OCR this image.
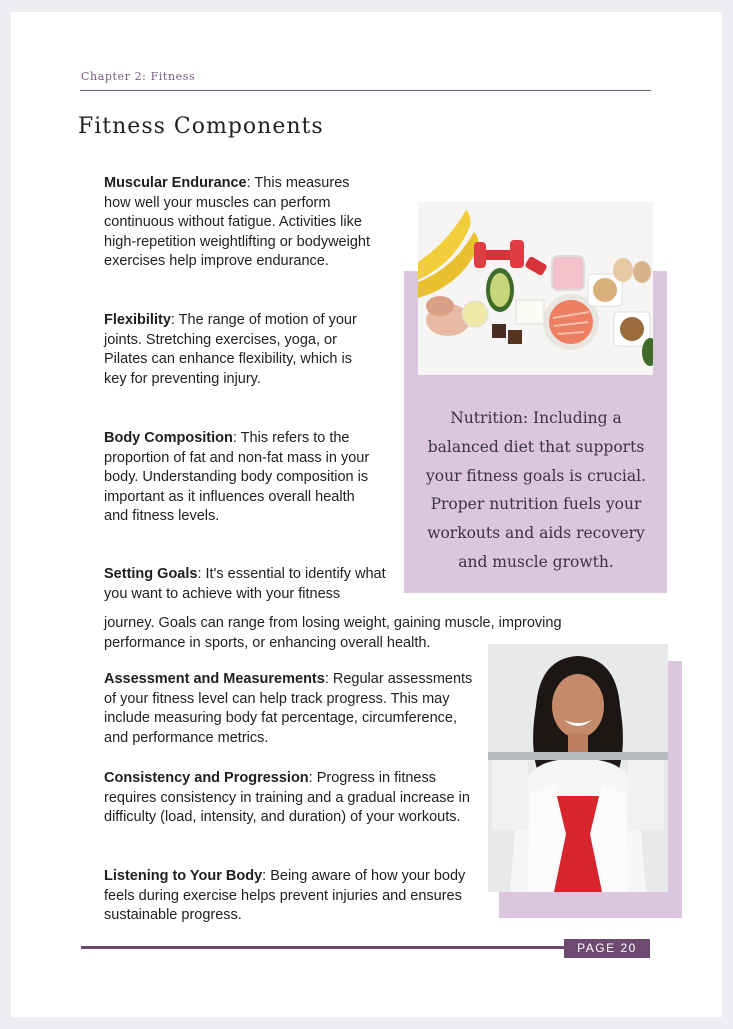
Chapter 2: Fitness
Fitness Components
Muscular Endurance: This measures how well your muscles can perform continuous without fatigue. Activities like high-repetition weightlifting or bodyweight exercises help improve endurance.
Flexibility: The range of motion of your joints. Stretching exercises, yoga, or Pilates can enhance flexibility, which is key for preventing injury.
Body Composition: This refers to the proportion of fat and non-fat mass in your body. Understanding body composition is important as it influences overall health and fitness levels.
Setting Goals: It's essential to identify what you want to achieve with your fitness
journey. Goals can range from losing weight, gaining muscle, improving performance in sports, or enhancing overall health.
Assessment and Measurements: Regular assessments of your fitness level can help track progress. This may include measuring body fat percentage, circumference, and performance metrics.
Consistency and Progression: Progress in fitness requires consistency in training and a gradual increase in difficulty (load, intensity, and duration) of your workouts.
Listening to Your Body: Being aware of how your body feels during exercise helps prevent injuries and ensures sustainable progress.
Nutrition: Including a balanced diet that supports your fitness goals is crucial. Proper nutrition fuels your workouts and aids recovery and muscle growth.
PAGE 20
